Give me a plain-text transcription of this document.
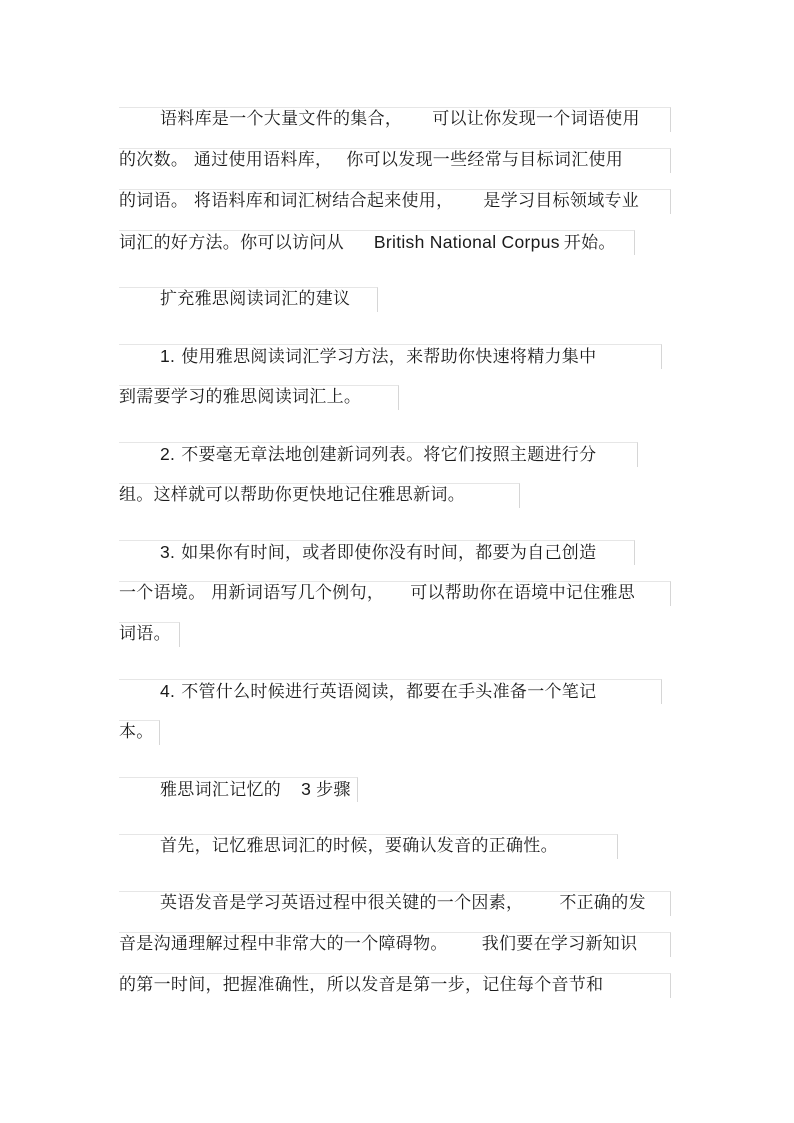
语料库是一个大量文件的集合， 可以让你发现一个词语使用
的次数。 通过使用语料库， 你可以发现一些经常与目标词汇使用
的词语。 将语料库和词汇树结合起来使用， 是学习目标领域专业
词汇的好方法。你可以访问从 British National Corpus 开始。
扩充雅思阅读词汇的建议
1. 使用雅思阅读词汇学习方法，来帮助你快速将精力集中
到需要学习的雅思阅读词汇上。
2. 不要毫无章法地创建新词列表。将它们按照主题进行分
组。这样就可以帮助你更快地记住雅思新词。
3. 如果你有时间，或者即使你没有时间，都要为自己创造
一个语境。 用新词语写几个例句， 可以帮助你在语境中记住雅思
词语。
4. 不管什么时候进行英语阅读，都要在手头准备一个笔记
本。
雅思词汇记忆的 3 步骤
首先，记忆雅思词汇的时候，要确认发音的正确性。
英语发音是学习英语过程中很关键的一个因素， 不正确的发
音是沟通理解过程中非常大的一个障碍物。 我们要在学习新知识
的第一时间，把握准确性，所以发音是第一步，记住每个音节和
